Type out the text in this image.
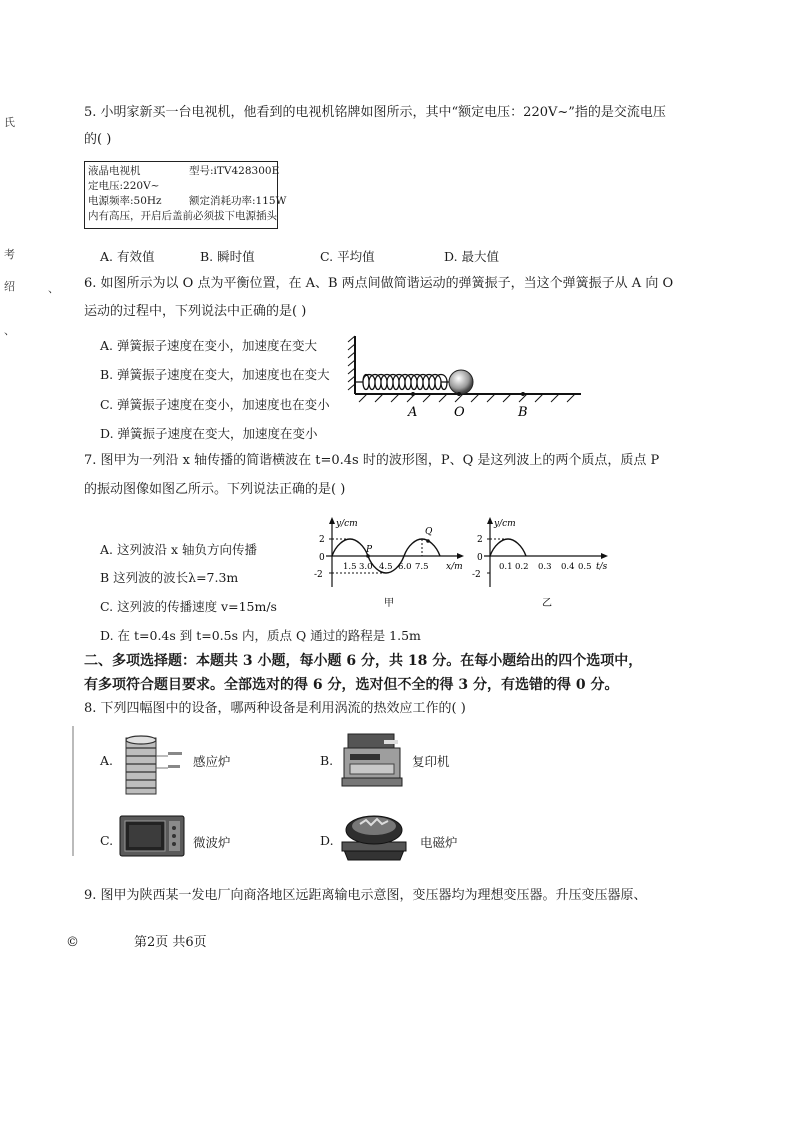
氏
考
绍	、
、
5. 小明家新买一台电视机，他看到的电视机铭牌如图所示，其中“额定电压：220V~”指的是交流电压
的( )
液晶电视机	型号:iTV428300E
定电压:220V~
电源频率:50Hz	额定消耗功率:115W
内有高压，开启后盖前必须拔下电源插头
A. 有效值	B. 瞬时值	C. 平均值	D. 最大值
6. 如图所示为以 O 点为平衡位置，在 A、B 两点间做简谐运动的弹簧振子，当这个弹簧振子从 A 向 O
运动的过程中，下列说法中正确的是( )
A. 弹簧振子速度在变小，加速度在变大
B. 弹簧振子速度在变大，加速度也在变大
C. 弹簧振子速度在变小，加速度也在变小
D. 弹簧振子速度在变大，加速度在变小
A	O	B
7. 图甲为一列沿 x 轴传播的简谐横波在 t=0.4s 时的波形图，P、Q 是这列波上的两个质点，质点 P
的振动图像如图乙所示。下列说法正确的是( )
A. 这列波沿 x 轴负方向传播
B 这列波的波长λ=7.3m
C. 这列波的传播速度 v=15m/s
D. 在 t=0.4s 到 t=0.5s 内，质点 Q 通过的路程是 1.5m
y/cm
2
0
-2
P
Q
1.5 3.0 4.5 6.0 7.5 x/m
甲
y/cm
2
0
-2
0.1 0.2 0.3 0.4 0.5 t/s
乙
二、多项选择题：本题共 3 小题，每小题 6 分，共 18 分。在每小题给出的四个选项中，
有多项符合题目要求。全部选对的得 6 分，选对但不全的得 3 分，有选错的得 0 分。
8. 下列四幅图中的设备，哪两种设备是利用涡流的热效应工作的( )
A.	感应炉	B.	复印机
C.	微波炉	D.	电磁炉
9. 图甲为陕西某一发电厂向商洛地区远距离输电示意图，变压器均为理想变压器。升压变压器原、
©	第2页 共6页
